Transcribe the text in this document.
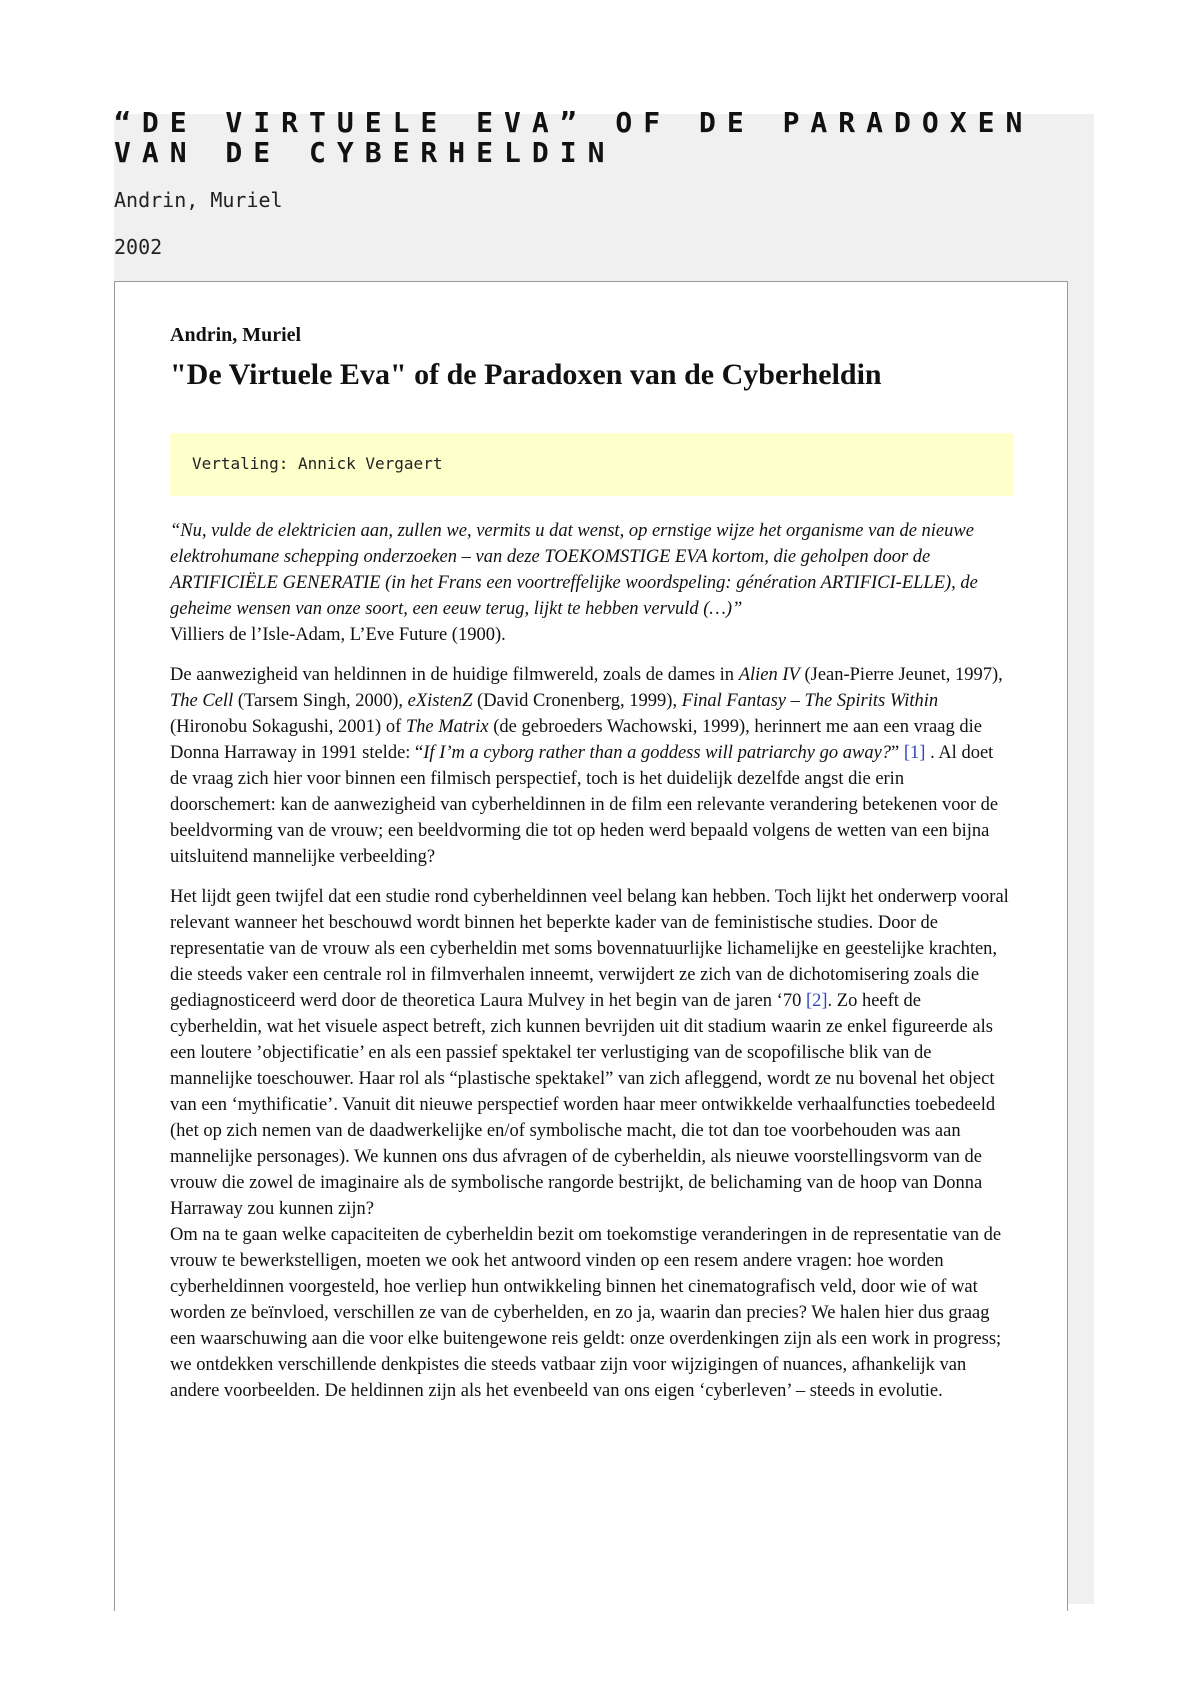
“DE VIRTUELE EVA” OF DE PARADOXEN VAN DE CYBERHELDIN

Andrin, Muriel

2002

Andrin, Muriel

"De Virtuele Eva" of de Paradoxen van de Cyberheldin
Vertaling: Annick Vergaert
“Nu, vulde de elektricien aan, zullen we, vermits u dat wenst, op ernstige wijze het organisme van de nieuwe elektrohumane schepping onderzoeken – van deze TOEKOMSTIGE EVA kortom, die geholpen door de ARTIFICIËLE GENERATIE (in het Frans een voortreffelijke woordspeling: génération ARTIFICI-ELLE), de geheime wensen van onze soort, een eeuw terug, lijkt te hebben vervuld (…)”
Villiers de l’Isle-Adam, L’Eve Future (1900).

De aanwezigheid van heldinnen in de huidige filmwereld, zoals de dames in Alien IV (Jean-Pierre Jeunet, 1997), The Cell (Tarsem Singh, 2000), eXistenZ (David Cronenberg, 1999), Final Fantasy – The Spirits Within (Hironobu Sokagushi, 2001) of The Matrix (de gebroeders Wachowski, 1999), herinnert me aan een vraag die Donna Harraway in 1991 stelde: “If I’m a cyborg rather than a goddess will patriarchy go away?” [1] . Al doet de vraag zich hier voor binnen een filmisch perspectief, toch is het duidelijk dezelfde angst die erin doorschemert: kan de aanwezigheid van cyberheldinnen in de film een relevante verandering betekenen voor de beeldvorming van de vrouw; een beeldvorming die tot op heden werd bepaald volgens de wetten van een bijna uitsluitend mannelijke verbeelding?

Het lijdt geen twijfel dat een studie rond cyberheldinnen veel belang kan hebben. Toch lijkt het onderwerp vooral relevant wanneer het beschouwd wordt binnen het beperkte kader van de feministische studies. Door de representatie van de vrouw als een cyberheldin met soms bovennatuurlijke lichamelijke en geestelijke krachten, die steeds vaker een centrale rol in filmverhalen inneemt, verwijdert ze zich van de dichotomisering zoals die gediagnosticeerd werd door de theoretica Laura Mulvey in het begin van de jaren ‘70 [2]. Zo heeft de cyberheldin, wat het visuele aspect betreft, zich kunnen bevrijden uit dit stadium waarin ze enkel figureerde als een loutere ’objectificatie’ en als een passief spektakel ter verlustiging van de scopofilische blik van de mannelijke toeschouwer. Haar rol als “plastische spektakel” van zich afleggend, wordt ze nu bovenal het object van een ‘mythificatie’. Vanuit dit nieuwe perspectief worden haar meer ontwikkelde verhaalfuncties toebedeeld (het op zich nemen van de daadwerkelijke en/of symbolische macht, die tot dan toe voorbehouden was aan mannelijke personages). We kunnen ons dus afvragen of de cyberheldin, als nieuwe voorstellingsvorm van de vrouw die zowel de imaginaire als de symbolische rangorde bestrijkt, de belichaming van de hoop van Donna Harraway zou kunnen zijn?

Om na te gaan welke capaciteiten de cyberheldin bezit om toekomstige veranderingen in de representatie van de vrouw te bewerkstelligen, moeten we ook het antwoord vinden op een resem andere vragen: hoe worden cyberheldinnen voorgesteld, hoe verliep hun ontwikkeling binnen het cinematografisch veld, door wie of wat worden ze beïnvloed, verschillen ze van de cyberhelden, en zo ja, waarin dan precies? We halen hier dus graag een waarschuwing aan die voor elke buitengewone reis geldt: onze overdenkingen zijn als een work in progress; we ontdekken verschillende denkpistes die steeds vatbaar zijn voor wijzigingen of nuances, afhankelijk van andere voorbeelden. De heldinnen zijn als het evenbeeld van ons eigen ‘cyberleven’ – steeds in evolutie.
